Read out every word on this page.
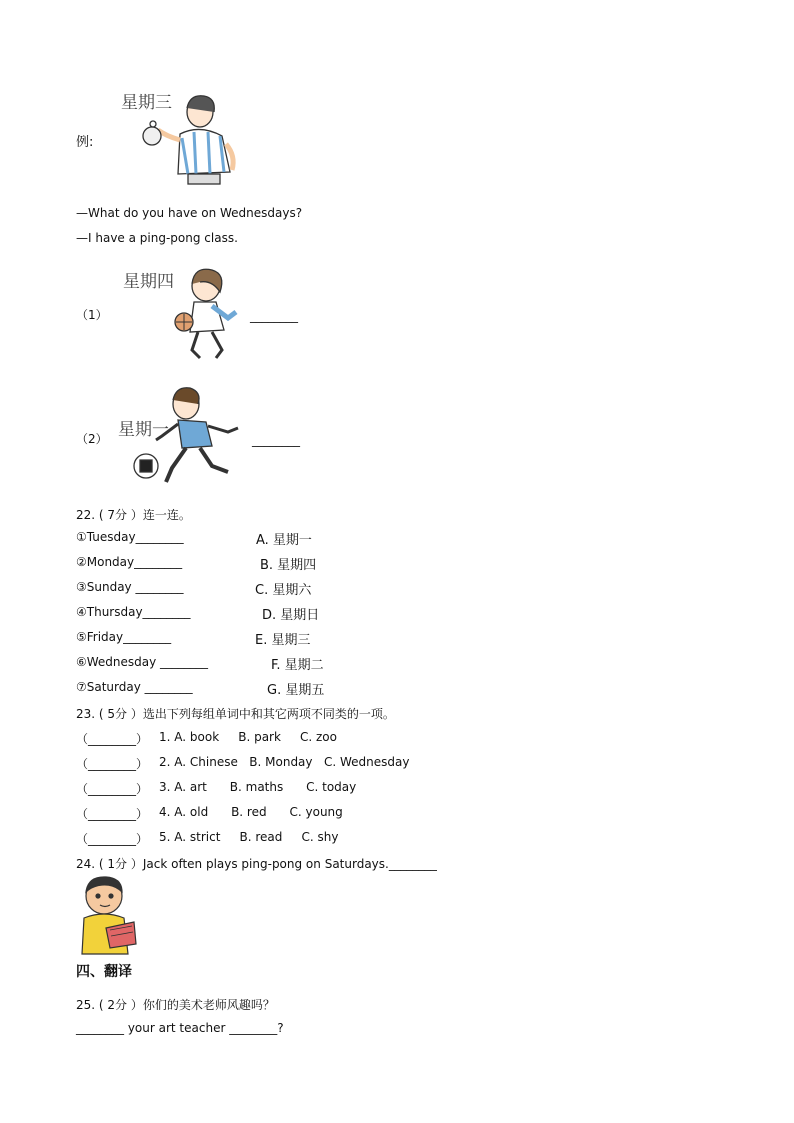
星期三
例:
—What do you have on Wednesdays?
—I have a ping-pong class.
星期四
（1）	________
星期一
（2）	________
22. ( 7分 ）连一连。
①Tuesday________
②Monday________
③Sunday ________
④Thursday________
⑤Friday________
⑥Wednesday ________
⑦Saturday ________
A. 星期一
B. 星期四
C. 星期六
D. 星期日
E. 星期三
F. 星期二
G. 星期五
23. ( 5分 ）选出下列每组单词中和其它两项不同类的一项。
（________） 1. A. book     B. park     C. zoo
（________） 2. A. Chinese   B. Monday   C. Wednesday
（________） 3. A. art      B. maths      C. today
（________） 4. A. old      B. red      C. young
（________） 5. A. strict     B. read     C. shy
24. ( 1分 ）Jack often plays ping-pong on Saturdays.________
四、翻译
25. ( 2分 ）你们的美术老师风趣吗？
________ your art teacher ________?
